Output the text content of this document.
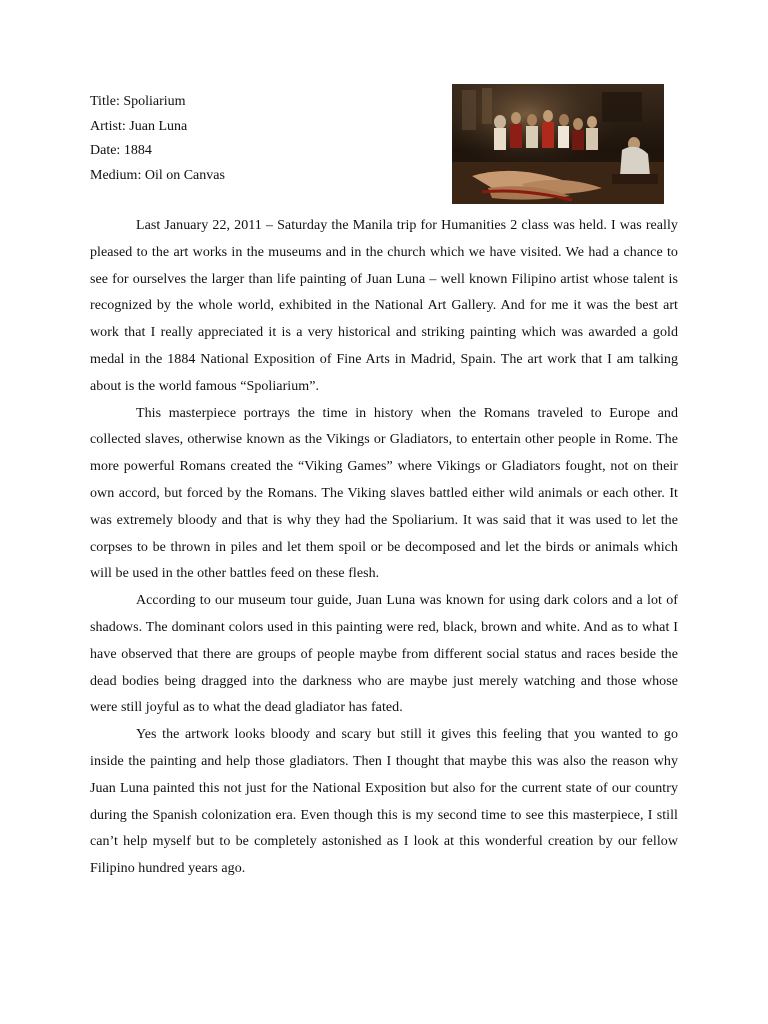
Title: Spoliarium
Artist: Juan Luna
Date: 1884
Medium: Oil on Canvas

Last January 22, 2011 – Saturday the Manila trip for Humanities 2 class was held. I was really pleased to the art works in the museums and in the church which we have visited. We had a chance to see for ourselves the larger than life painting of Juan Luna – well known Filipino artist whose talent is recognized by the whole world, exhibited in the National Art Gallery. And for me it was the best art work that I really appreciated it is a very historical and striking painting which was awarded a gold medal in the 1884 National Exposition of Fine Arts in Madrid, Spain. The art work that I am talking about is the world famous “Spoliarium”.

This masterpiece portrays the time in history when the Romans traveled to Europe and collected slaves, otherwise known as the Vikings or Gladiators, to entertain other people in Rome. The more powerful Romans created the “Viking Games” where Vikings or Gladiators fought, not on their own accord, but forced by the Romans. The Viking slaves battled either wild animals or each other. It was extremely bloody and that is why they had the Spoliarium. It was said that it was used to let the corpses to be thrown in piles and let them spoil or be decomposed and let the birds or animals which will be used in the other battles feed on these flesh.

According to our museum tour guide, Juan Luna was known for using dark colors and a lot of shadows. The dominant colors used in this painting were red, black, brown and white. And as to what I have observed that there are groups of people maybe from different social status and races beside the dead bodies being dragged into the darkness who are maybe just merely watching and those whose were still joyful as to what the dead gladiator has fated.

Yes the artwork looks bloody and scary but still it gives this feeling that you wanted to go inside the painting and help those gladiators. Then I thought that maybe this was also the reason why Juan Luna painted this not just for the National Exposition but also for the current state of our country during the Spanish colonization era. Even though this is my second time to see this masterpiece, I still can’t help myself but to be completely astonished as I look at this wonderful creation by our fellow Filipino hundred years ago.
